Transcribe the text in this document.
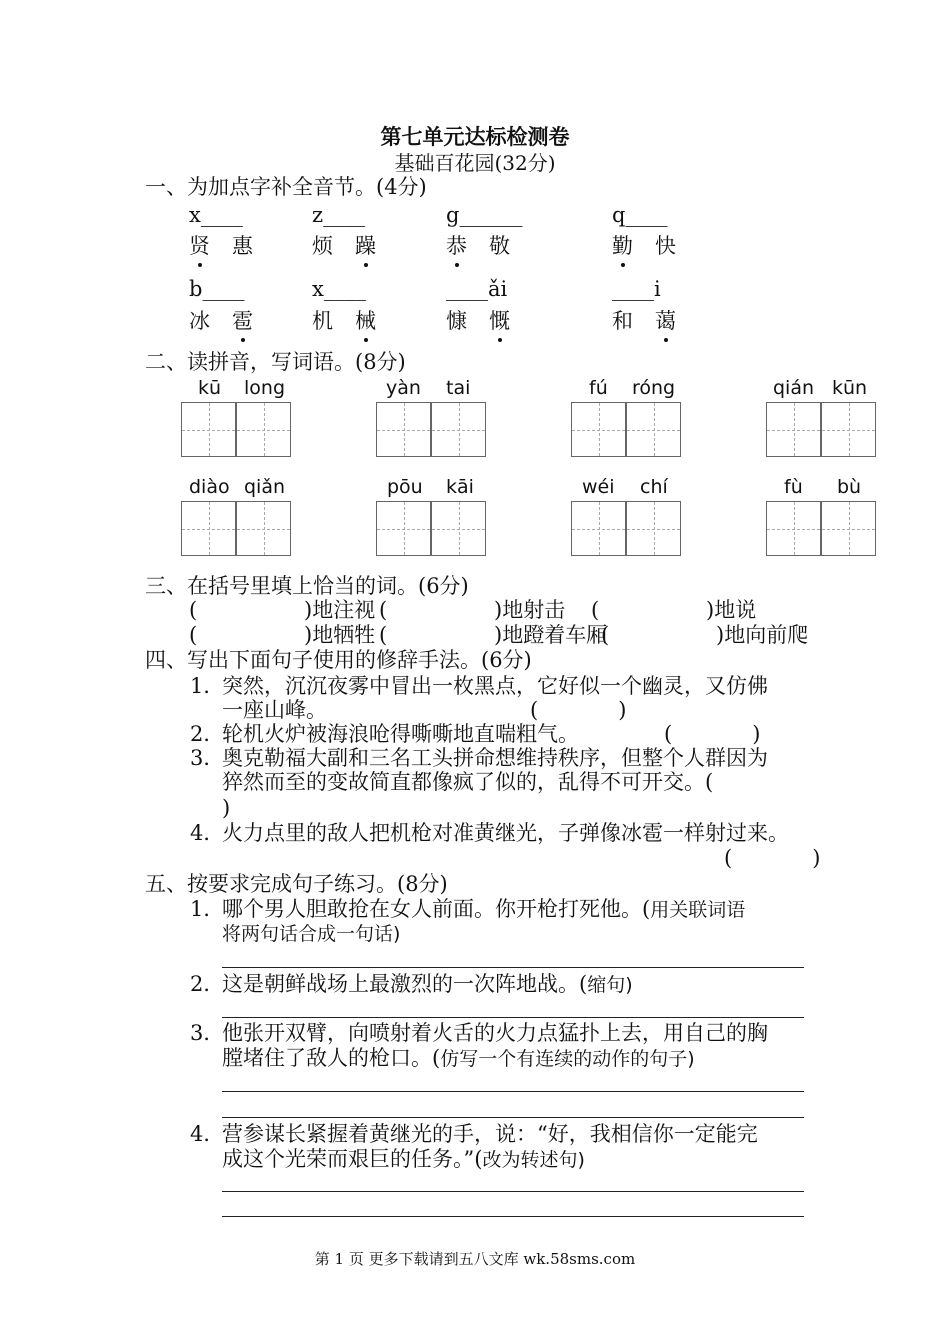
第七单元达标检测卷
基础百花园(32分)
一、为加点字补全音节。(4分)
x____	z____	g______	q____
贤 惠	烦 躁	恭 敬	勤 快
b____	x____	____ǎi	____i
冰 雹	机 械	慷 慨	和 蔼
二、读拼音，写词语。(8分)
kū long	yàn tai	fú róng	qián kūn
diào qiǎn	pōu kāi	wéi chí	fù bù
三、在括号里填上恰当的词。(6分)
(                )地注视 (                )地射击 (                )地说
(                )地牺牲 (                )地蹬着车厢
(                )地向前爬
四、写出下面句子使用的修辞手法。(6分)
1．
突然，沉沉夜雾中冒出一枚黑点，它好似一个幽灵，又仿佛
一座山峰。	(            )
2．
轮机火炉被海浪呛得嘶嘶地直喘粗气。	(            )
3．
奥克勒福大副和三名工头拼命想维持秩序，但整个人群因为
猝然而至的变故简直都像疯了似的，乱得不可开交。(
)
4．
火力点里的敌人把机枪对准黄继光，子弹像冰雹一样射过来。
(            )
五、按要求完成句子练习。(8分)
1．
哪个男人胆敢抢在女人前面。你开枪打死他。(用关联词语
将两句话合成一句话)
2．
这是朝鲜战场上最激烈的一次阵地战。(缩句)
3．
他张开双臂，向喷射着火舌的火力点猛扑上去，用自己的胸
膛堵住了敌人的枪口。(仿写一个有连续的动作的句子)
4．
营参谋长紧握着黄继光的手，说：“好，我相信你一定能完
成这个光荣而艰巨的任务。”(改为转述句)
第 1 页 更多下载请到五八文库 wk.58sms.com
